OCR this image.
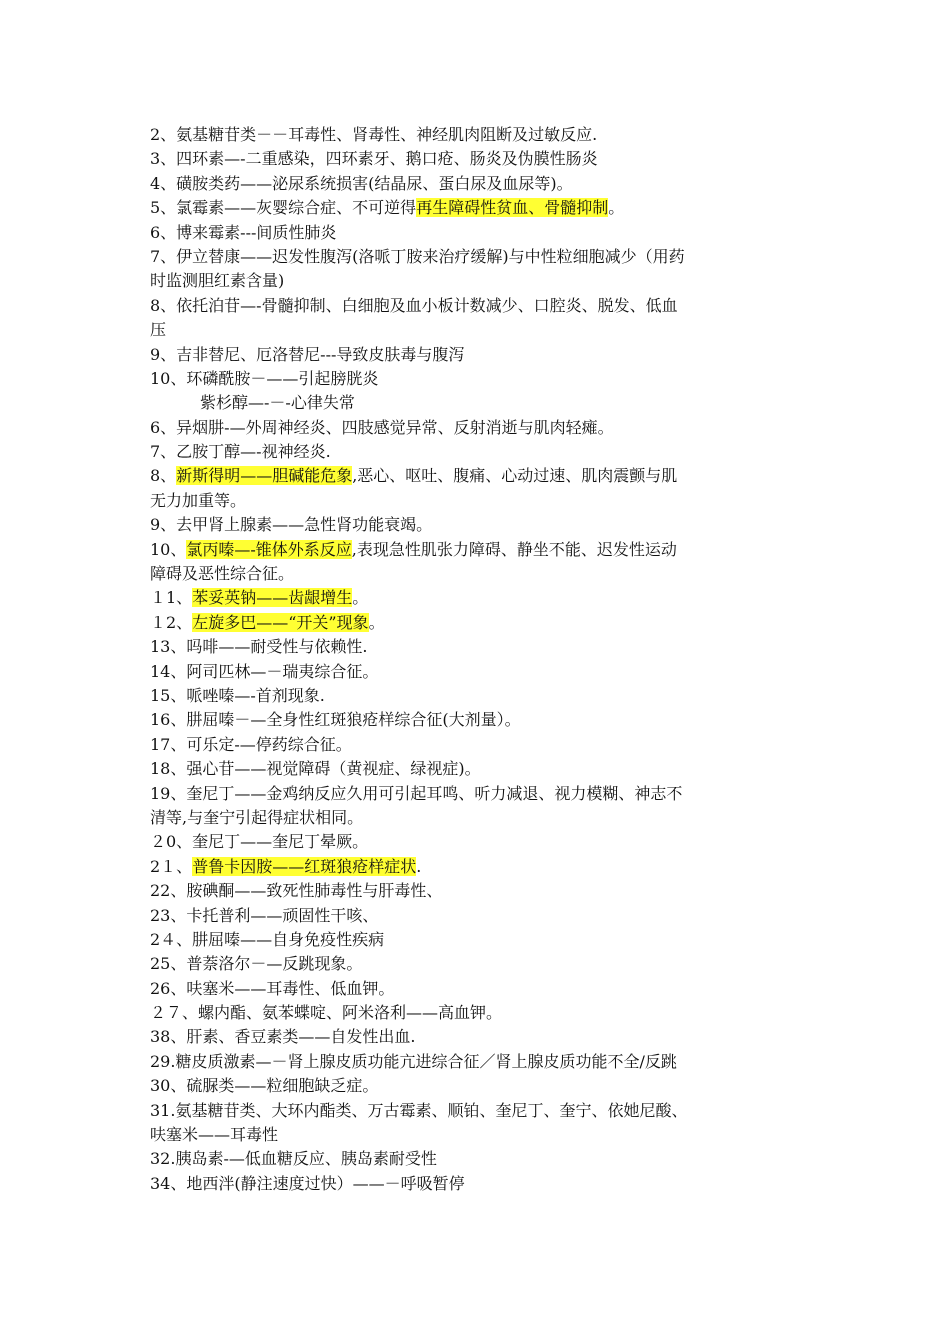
2、氨基糖苷类－－耳毒性、肾毒性、神经肌肉阻断及过敏反应.
3、四环素—-二重感染，四环素牙、鹅口疮、肠炎及伪膜性肠炎
4、磺胺类药——泌尿系统损害(结晶尿、蛋白尿及血尿等)。
5、氯霉素——灰婴综合症、不可逆得再生障碍性贫血、骨髓抑制。
6、博来霉素---间质性肺炎
7、伊立替康——迟发性腹泻(洛哌丁胺来治疗缓解)与中性粒细胞减少（用药
时监测胆红素含量)
8、依托泊苷—-骨髓抑制、白细胞及血小板计数减少、口腔炎、脱发、低血
压
9、吉非替尼、厄洛替尼---导致皮肤毒与腹泻
10、环磷酰胺－——引起膀胱炎
紫杉醇—-－-心律失常
6、异烟肼-—外周神经炎、四肢感觉异常、反射消逝与肌肉轻瘫。
7、乙胺丁醇—-视神经炎.
8、新斯得明——胆碱能危象,恶心、呕吐、腹痛、心动过速、肌肉震颤与肌
无力加重等。
9、去甲肾上腺素——急性肾功能衰竭。
10、氯丙嗪—-锥体外系反应,表现急性肌张力障碍、静坐不能、迟发性运动
障碍及恶性综合征。
１1、苯妥英钠——齿龈增生。
１2、左旋多巴——“开关”现象。
13、吗啡——耐受性与依赖性.
14、阿司匹林—－瑞夷综合征。
15、哌唑嗪—-首剂现象.
16、肼屈嗪－—全身性红斑狼疮样综合征(大剂量）。
17、可乐定-—停药综合征。
18、强心苷——视觉障碍（黄视症、绿视症)。
19、奎尼丁——金鸡纳反应久用可引起耳鸣、听力减退、视力模糊、神志不
清等,与奎宁引起得症状相同。
２0、奎尼丁——奎尼丁晕厥。
2１、普鲁卡因胺——红斑狼疮样症状.
22、胺碘酮——致死性肺毒性与肝毒性、
23、卡托普利——顽固性干咳、
2４、肼屈嗪——自身免疫性疾病
25、普萘洛尔－—反跳现象。
26、呋塞米——耳毒性、低血钾。
２７、螺内酯、氨苯蝶啶、阿米洛利——高血钾。
38、肝素、香豆素类——自发性出血.
29.糖皮质激素—－肾上腺皮质功能亢进综合征／肾上腺皮质功能不全/反跳
30、硫脲类——粒细胞缺乏症。
31.氨基糖苷类、大环内酯类、万古霉素、顺铂、奎尼丁、奎宁、依她尼酸、
呋塞米——耳毒性
32.胰岛素-—低血糖反应、胰岛素耐受性
34、地西泮(静注速度过快）——－呼吸暂停
